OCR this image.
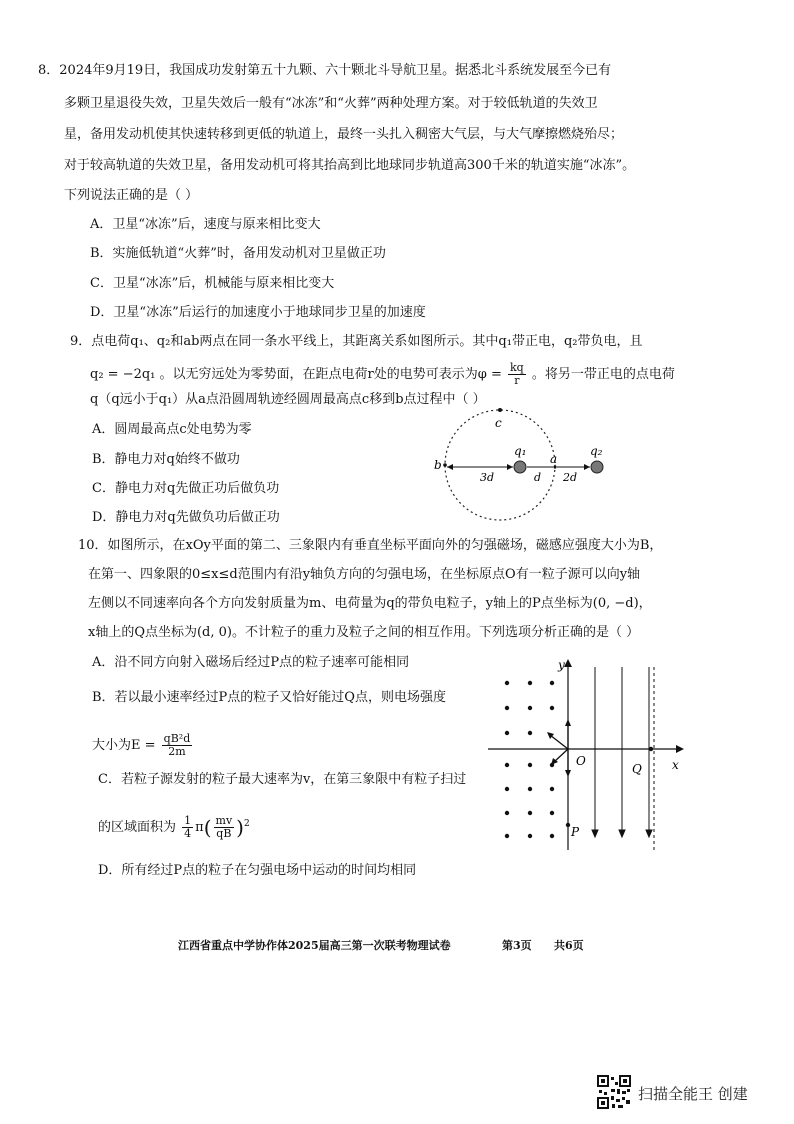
8．2024年9月19日，我国成功发射第五十九颗、六十颗北斗导航卫星。据悉北斗系统发展至今已有
多颗卫星退役失效，卫星失效后一般有“冰冻”和“火葬”两种处理方案。对于较低轨道的失效卫
星，备用发动机使其快速转移到更低的轨道上，最终一头扎入稠密大气层，与大气摩擦燃烧殆尽；
对于较高轨道的失效卫星，备用发动机可将其抬高到比地球同步轨道高300千米的轨道实施“冰冻”。
下列说法正确的是（ ）
A．卫星“冰冻”后，速度与原来相比变大
B．实施低轨道“火葬”时，备用发动机对卫星做正功
C．卫星“冰冻”后，机械能与原来相比变大
D．卫星“冰冻”后运行的加速度小于地球同步卫星的加速度
9．点电荷q₁、q₂和ab两点在同一条水平线上，其距离关系如图所示。其中q₁带正电，q₂带负电，且
q₂ = −2q₁ 。以无穷远处为零势面，在距点电荷r处的电势可表示为$\varphi = \frac{kq}{r}$ 。将另一带正电的点电荷
q（q远小于q₁）从a点沿圆周轨迹经圆周最高点c移到b点过程中（ ）
A．圆周最高点c处电势为零
B．静电力对q始终不做功
C．静电力对q先做正功后做负功
D．静电力对q先做负功后做正功
c
b
q₁
a
q₂
3d	d 2d
10．如图所示，在xOy平面的第二、三象限内有垂直坐标平面向外的匀强磁场，磁感应强度大小为B，
在第一、四象限的0≤x≤d范围内有沿y轴负方向的匀强电场，在坐标原点O有一粒子源可以向y轴
左侧以不同速率向各个方向发射质量为m、电荷量为q的带负电粒子，y轴上的P点坐标为(0, −d)，
x轴上的Q点坐标为(d, 0)。不计粒子的重力及粒子之间的相互作用。下列选项分析正确的是（ ）
A．沿不同方向射入磁场后经过P点的粒子速率可能相同
B．若以最小速率经过P点的粒子又恰好能过Q点，则电场强度
大小为$E = \frac{\text{qB²d}}{2m}$
C．若粒子源发射的粒子最大速率为v，在第三象限中有粒子扫过
的区域面积为 $\frac{1}{4} \pi( \frac{mv}{qB} )^2$
D．所有经过P点的粒子在匀强电场中运动的时间均相同
x
y
O
Q
P
江西省重点中学协作体2025届高三第一次联考物理试卷	第3页 共6页
扫描全能王 创建
